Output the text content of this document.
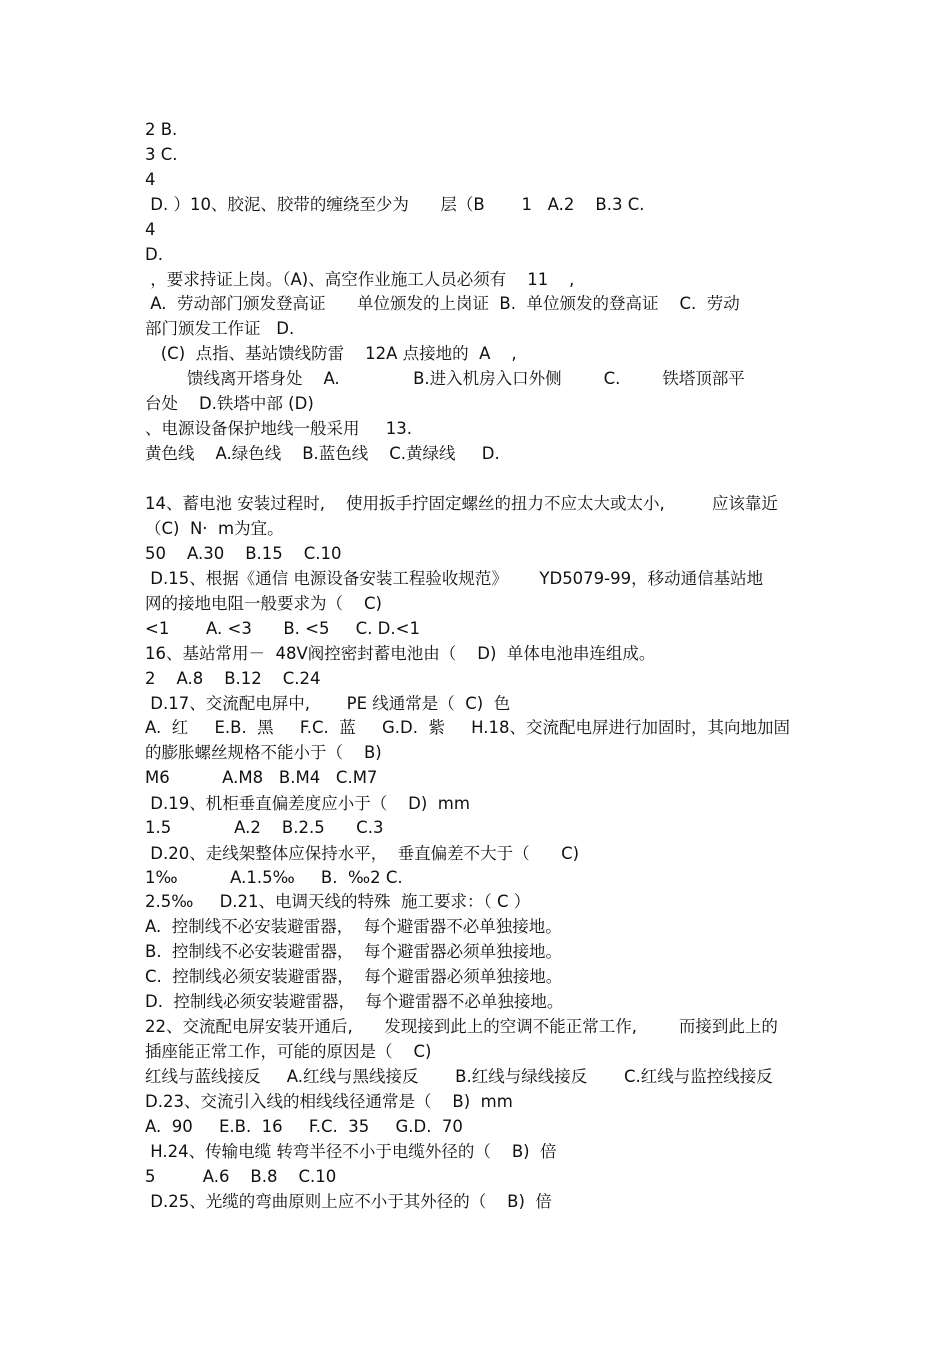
2 B.
3 C.
4
D. ）10、胶泥、胶带的缠绕至少为      层（B       1   A.2    B.3 C.
4
D.
，要求持证上岗。（A)、高空作业施工人员必须有    11    ,
A.  劳动部门颁发登高证      单位颁发的上岗证  B.  单位颁发的登高证    C.  劳动
部门颁发工作证   D.
(C)  点指、基站馈线防雷    12A 点接地的  A    ,
馈线离开塔身处    A.              B.进入机房入口外侧        C.        铁塔顶部平
台处    D.铁塔中部 (D)
、电源设备保护地线一般采用     13.
黄色线    A.绿色线    B.蓝色线    C.黄绿线     D.
14、蓄电池 安装过程时,    使用扳手拧固定螺丝的扭力不应太大或太小,         应该靠近
（C)  N·  m为宜。
50    A.30    B.15    C.10
D.15、根据《通信 电源设备安装工程验收规范》      YD5079-99，移动通信基站地
网的接地电阻一般要求为（    C)
<1       A. <3      B. <5     C. D.<1
16、基站常用－  48V阀控密封蓄电池由（    D)  单体电池串连组成。
2    A.8    B.12    C.24
D.17、交流配电屏中,       PE 线通常是（  C)  色
A.  红     E.B.  黑     F.C.  蓝     G.D.  紫     H.18、交流配电屏进行加固时，其向地加固
的膨胀螺丝规格不能小于（    B)
M6          A.M8   B.M4   C.M7
D.19、机柜垂直偏差度应小于（    D)  mm
1.5            A.2    B.2.5      C.3
D.20、走线架整体应保持水平，  垂直偏差不大于（      C)
1‰          A.1.5‰     B.  ‰2 C.
2.5‰     D.21、电调天线的特殊  施工要求：（ C ）
A.  控制线不必安装避雷器，  每个避雷器不必单独接地。
B.  控制线不必安装避雷器，  每个避雷器必须单独接地。
C.  控制线必须安装避雷器，  每个避雷器必须单独接地。
D.  控制线必须安装避雷器，  每个避雷器不必单独接地。
22、交流配电屏安装开通后,      发现接到此上的空调不能正常工作,        而接到此上的
插座能正常工作，可能的原因是（    C)
红线与蓝线接反     A.红线与黑线接反       B.红线与绿线接反       C.红线与监控线接反
D.23、交流引入线的相线线径通常是（    B)  mm
A.  90     E.B.  16     F.C.  35     G.D.  70
H.24、传输电缆 转弯半径不小于电缆外径的（    B)  倍
5         A.6    B.8    C.10
D.25、光缆的弯曲原则上应不小于其外径的（    B)  倍
